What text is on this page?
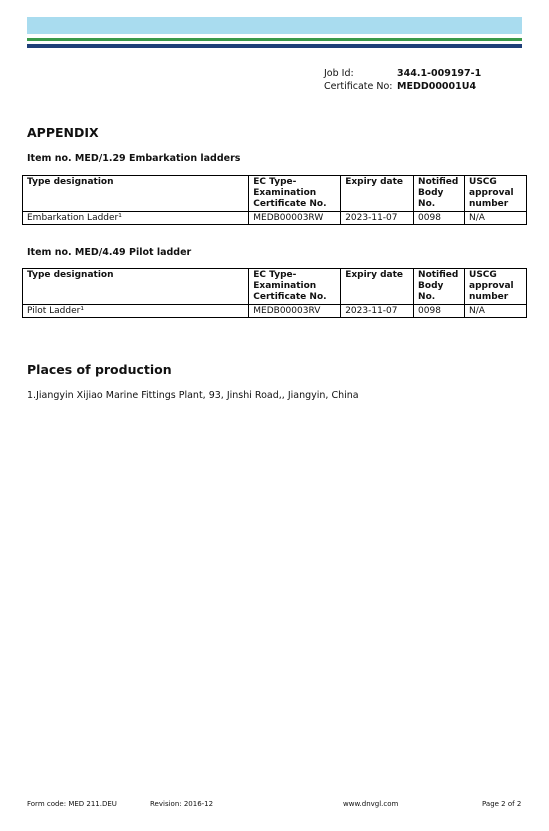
Job Id:	344.1-009197-1
Certificate No: MEDD00001U4
APPENDIX
Item no. MED/1.29 Embarkation ladders
Type designation	EC Type-Examination Certificate No.	Expiry date	Notified Body No.	USCG approval number
Embarkation Ladder¹	MEDB00003RW	2023-11-07	0098	N/A
Item no. MED/4.49 Pilot ladder
Type designation	EC Type-Examination Certificate No.	Expiry date	Notified Body No.	USCG approval number
Pilot Ladder¹	MEDB00003RV	2023-11-07	0098	N/A
Places of production
1.Jiangyin Xijiao Marine Fittings Plant, 93, Jinshi Road,, Jiangyin, China
Form code: MED 211.DEU	Revision: 2016-12	www.dnvgl.com	Page 2 of 2
